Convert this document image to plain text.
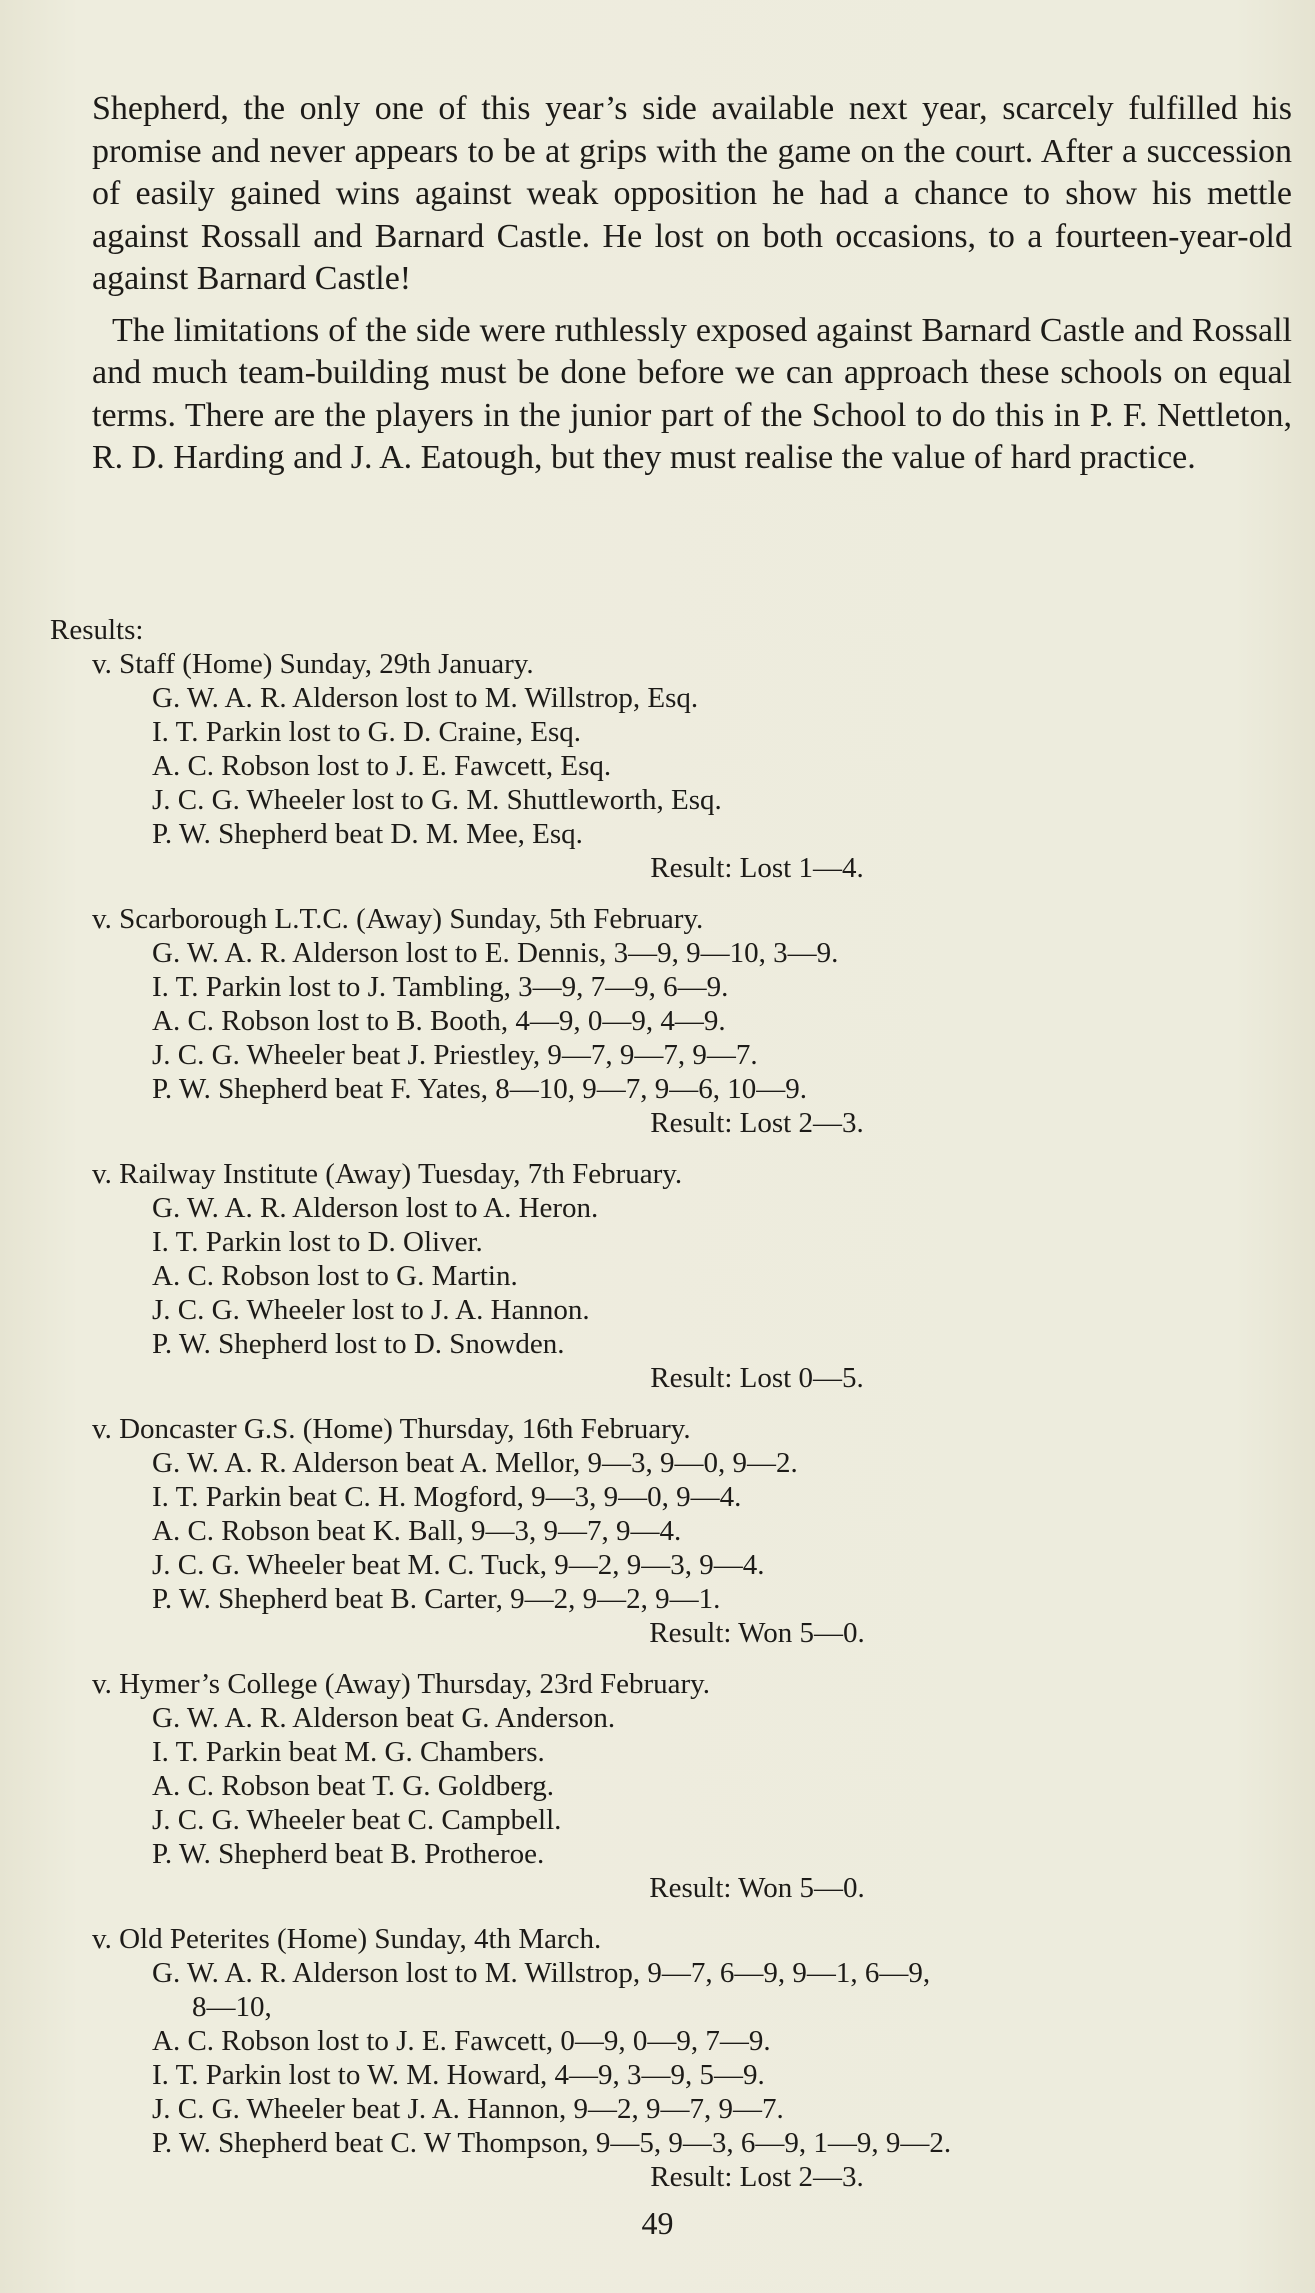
Shepherd, the only one of this year’s side available next year, scarcely fulfilled his promise and never appears to be at grips with the game on the court. After a succession of easily gained wins against weak opposition he had a chance to show his mettle against Rossall and Barnard Castle. He lost on both occasions, to a fourteen-year-old against Barnard Castle!

The limitations of the side were ruthlessly exposed against Barnard Castle and Rossall and much team-building must be done before we can approach these schools on equal terms. There are the players in the junior part of the School to do this in P. F. Nettleton, R. D. Harding and J. A. Eatough, but they must realise the value of hard practice.

Results:
v. Staff (Home) Sunday, 29th January.
G. W. A. R. Alderson lost to M. Willstrop, Esq.
I. T. Parkin lost to G. D. Craine, Esq.
A. C. Robson lost to J. E. Fawcett, Esq.
J. C. G. Wheeler lost to G. M. Shuttleworth, Esq.
P. W. Shepherd beat D. M. Mee, Esq.
Result: Lost 1—4.
v. Scarborough L.T.C. (Away) Sunday, 5th February.
G. W. A. R. Alderson lost to E. Dennis, 3—9, 9—10, 3—9.
I. T. Parkin lost to J. Tambling, 3—9, 7—9, 6—9.
A. C. Robson lost to B. Booth, 4—9, 0—9, 4—9.
J. C. G. Wheeler beat J. Priestley, 9—7, 9—7, 9—7.
P. W. Shepherd beat F. Yates, 8—10, 9—7, 9—6, 10—9.
Result: Lost 2—3.
v. Railway Institute (Away) Tuesday, 7th February.
G. W. A. R. Alderson lost to A. Heron.
I. T. Parkin lost to D. Oliver.
A. C. Robson lost to G. Martin.
J. C. G. Wheeler lost to J. A. Hannon.
P. W. Shepherd lost to D. Snowden.
Result: Lost 0—5.
v. Doncaster G.S. (Home) Thursday, 16th February.
G. W. A. R. Alderson beat A. Mellor, 9—3, 9—0, 9—2.
I. T. Parkin beat C. H. Mogford, 9—3, 9—0, 9—4.
A. C. Robson beat K. Ball, 9—3, 9—7, 9—4.
J. C. G. Wheeler beat M. C. Tuck, 9—2, 9—3, 9—4.
P. W. Shepherd beat B. Carter, 9—2, 9—2, 9—1.
Result: Won 5—0.
v. Hymer’s College (Away) Thursday, 23rd February.
G. W. A. R. Alderson beat G. Anderson.
I. T. Parkin beat M. G. Chambers.
A. C. Robson beat T. G. Goldberg.
J. C. G. Wheeler beat C. Campbell.
P. W. Shepherd beat B. Protheroe.
Result: Won 5—0.
v. Old Peterites (Home) Sunday, 4th March.
G. W. A. R. Alderson lost to M. Willstrop, 9—7, 6—9, 9—1, 6—9,
8—10,
A. C. Robson lost to J. E. Fawcett, 0—9, 0—9, 7—9.
I. T. Parkin lost to W. M. Howard, 4—9, 3—9, 5—9.
J. C. G. Wheeler beat J. A. Hannon, 9—2, 9—7, 9—7.
P. W. Shepherd beat C. W Thompson, 9—5, 9—3, 6—9, 1—9, 9—2.
Result: Lost 2—3.
49
